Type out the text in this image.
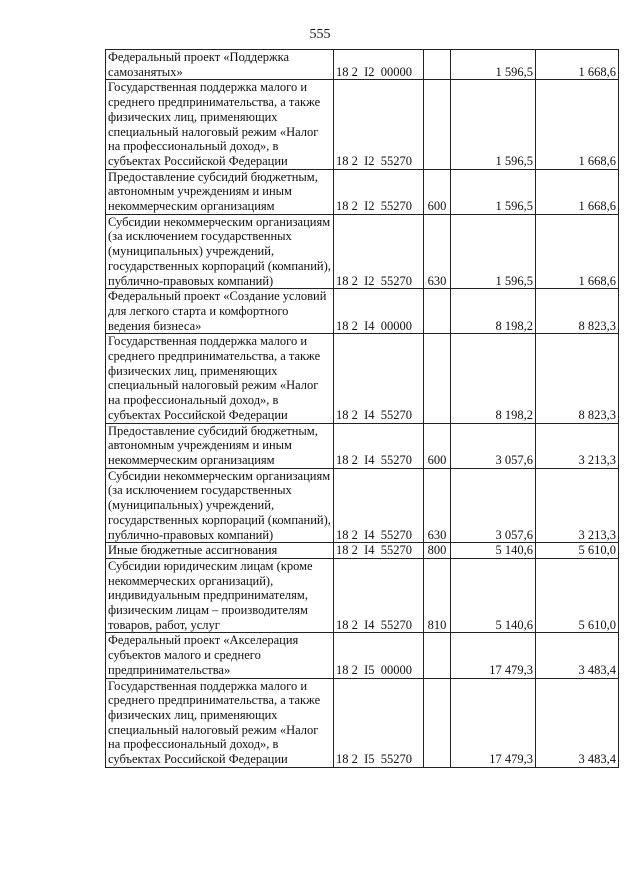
555
Федеральный проект «Поддержка самозанятых»	18 2  I2  00000		1 596,5	1 668,6
Государственная поддержка малого и среднего предпринимательства, а также физических лиц, применяющих специальный налоговый режим «Налог на профессиональный доход», в субъектах Российской Федерации	18 2  I2  55270		1 596,5	1 668,6
Предоставление субсидий бюджетным, автономным учреждениям и иным некоммерческим организациям	18 2  I2  55270	600	1 596,5	1 668,6
Субсидии некоммерческим организациям (за исключением государственных (муниципальных) учреждений, государственных корпораций (компаний), публично-правовых компаний)	18 2  I2  55270	630	1 596,5	1 668,6
Федеральный проект «Создание условий для легкого старта и комфортного ведения бизнеса»	18 2  I4  00000		8 198,2	8 823,3
Государственная поддержка малого и среднего предпринимательства, а также физических лиц, применяющих специальный налоговый режим «Налог на профессиональный доход», в субъектах Российской Федерации	18 2  I4  55270		8 198,2	8 823,3
Предоставление субсидий бюджетным, автономным учреждениям и иным некоммерческим организациям	18 2  I4  55270	600	3 057,6	3 213,3
Субсидии некоммерческим организациям (за исключением государственных (муниципальных) учреждений, государственных корпораций (компаний), публично-правовых компаний)	18 2  I4  55270	630	3 057,6	3 213,3
Иные бюджетные ассигнования	18 2  I4  55270	800	5 140,6	5 610,0
Субсидии юридическим лицам (кроме некоммерческих организаций), индивидуальным предпринимателям, физическим лицам – производителям товаров, работ, услуг	18 2  I4  55270	810	5 140,6	5 610,0
Федеральный проект «Акселерация субъектов малого и среднего предпринимательства»	18 2  I5  00000		17 479,3	3 483,4
Государственная поддержка малого и среднего предпринимательства, а также физических лиц, применяющих специальный налоговый режим «Налог на профессиональный доход», в субъектах Российской Федерации	18 2  I5  55270		17 479,3	3 483,4
